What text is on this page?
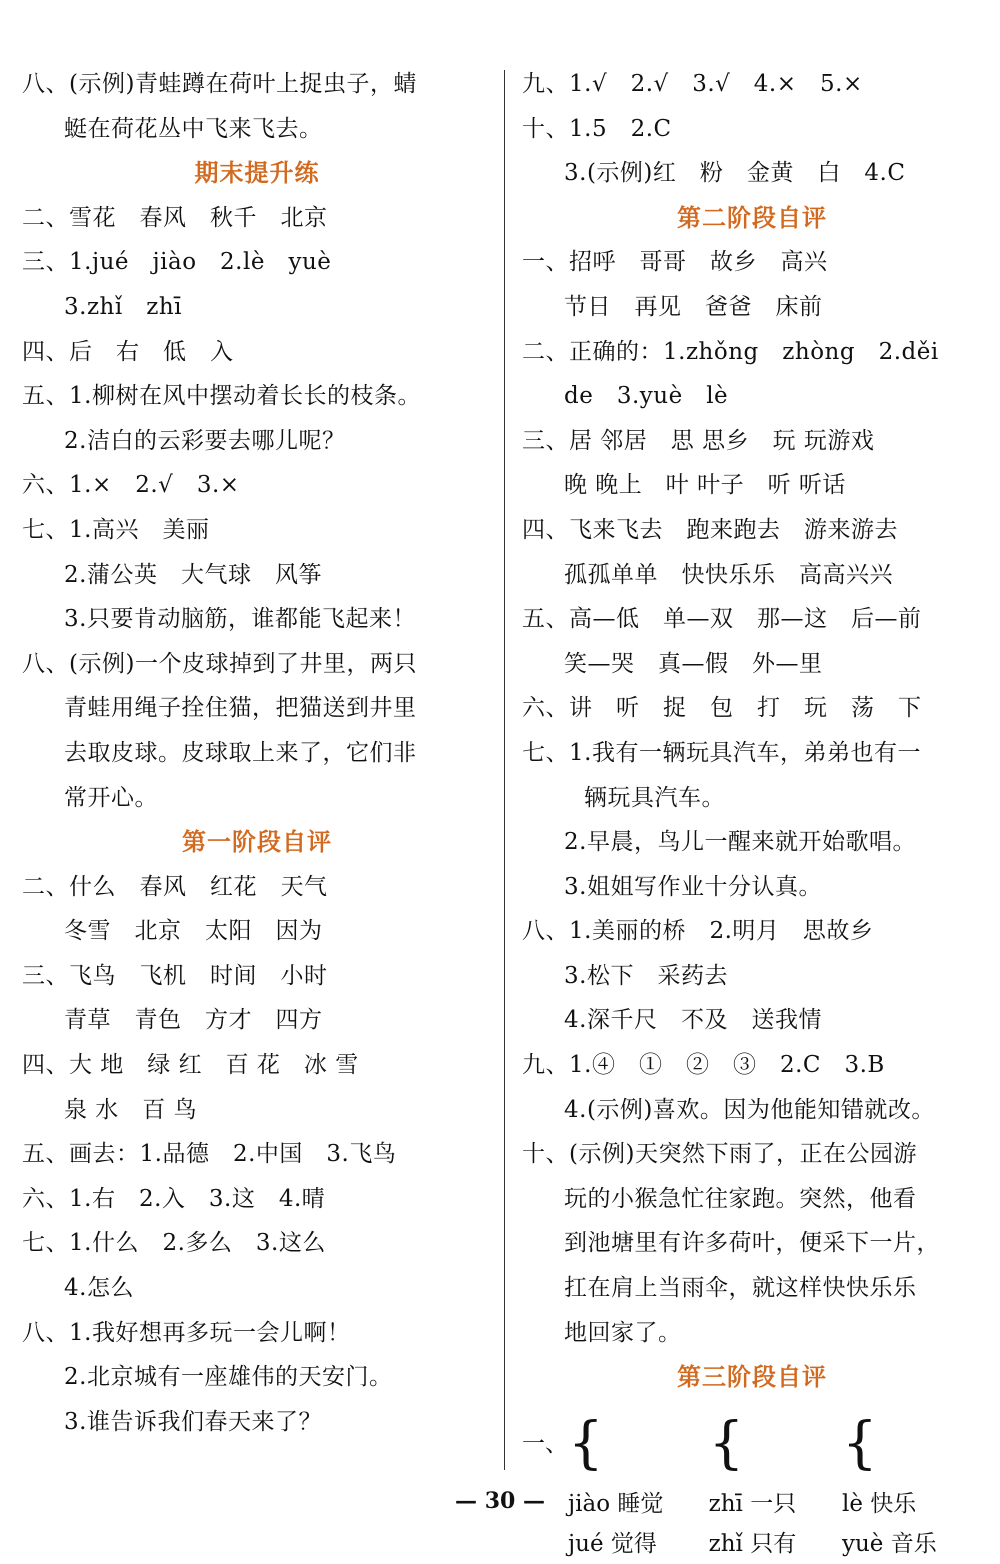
八、(示例)青蛙蹲在荷叶上捉虫子，蜻
蜓在荷花丛中飞来飞去。
期末提升练
二、雪花　春风　秋千　北京
三、1.jué　jiào　2.lè　yuè
3.zhǐ　zhī
四、后　右　低　入
五、1.柳树在风中摆动着长长的枝条。
2.洁白的云彩要去哪儿呢？
六、1.×　2.√　3.×
七、1.高兴　美丽
2.蒲公英　大气球　风筝
3.只要肯动脑筋，谁都能飞起来！
八、(示例)一个皮球掉到了井里，两只
青蛙用绳子拴住猫，把猫送到井里
去取皮球。皮球取上来了，它们非
常开心。
第一阶段自评
二、什么　春风　红花　天气
冬雪　北京　太阳　因为
三、飞鸟　飞机　时间　小时
青草　青色　方才　四方
四、大 地　绿 红　百 花　冰 雪
泉 水　百 鸟
五、画去：1.品德　2.中国　3.飞鸟
六、1.右　2.入　3.这　4.晴
七、1.什么　2.多么　3.这么
4.怎么
八、1.我好想再多玩一会儿啊！
2.北京城有一座雄伟的天安门。
3.谁告诉我们春天来了？
九、1.√　2.√　3.√　4.×　5.×
十、1.5　2.C
3.(示例)红　粉　金黄　白　4.C
第二阶段自评
一、招呼　哥哥　故乡　高兴
节日　再见　爸爸　床前
二、正确的：1.zhǒng　zhòng　2.děi
de　3.yuè　lè
三、居 邻居　思 思乡　玩 玩游戏
晚 晚上　叶 叶子　听 听话
四、飞来飞去　跑来跑去　游来游去
孤孤单单　快快乐乐　高高兴兴
五、高—低　单—双　那—这　后—前
笑—哭　真—假　外—里
六、讲　听　捉　包　打　玩　荡　下
七、1.我有一辆玩具汽车，弟弟也有一
辆玩具汽车。
2.早晨，鸟儿一醒来就开始歌唱。
3.姐姐写作业十分认真。
八、1.美丽的桥　2.明月　思故乡
3.松下　采药去
4.深千尺　不及　送我情
九、1.④　①　②　③　2.C　3.B
4.(示例)喜欢。因为他能知错就改。
十、(示例)天突然下雨了，正在公园游
玩的小猴急忙往家跑。突然，他看
到池塘里有许多荷叶，便采下一片，
扛在肩上当雨伞，就这样快快乐乐
地回家了。
第三阶段自评
一、 {
jiào 睡觉
jué 觉得
{
zhī 一只
zhǐ 只有
{
lè 快乐
yuè 音乐
— 30 —
